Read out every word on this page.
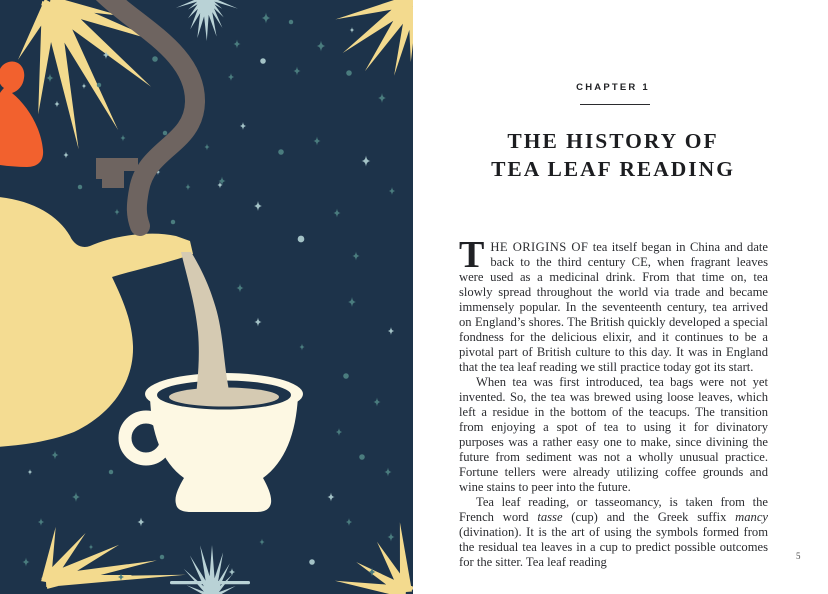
CHAPTER 1
THE HISTORY OF
TEA LEAF READING

THE ORIGINS OF tea itself began in China and date back to the third century CE, when fragrant leaves were used as a medicinal drink. From that time on, tea slowly spread throughout the world via trade and became immensely popular. In the seventeenth century, tea arrived on England’s shores. The British quickly developed a special fondness for the delicious elixir, and it continues to be a pivotal part of British culture to this day. It was in England that the tea leaf reading we still practice today got its start.

When tea was first introduced, tea bags were not yet invented. So, the tea was brewed using loose leaves, which left a residue in the bottom of the teacups. The transition from enjoying a spot of tea to using it for divinatory purposes was a rather easy one to make, since divining the future from sediment was not a wholly unusual practice. Fortune tellers were already utilizing coffee grounds and wine stains to peer into the future.

Tea leaf reading, or tasseomancy, is taken from the French word tasse (cup) and the Greek suffix mancy (divination). It is the art of using the symbols formed from the residual tea leaves in a cup to predict possible outcomes for the sitter. Tea leaf reading	5
